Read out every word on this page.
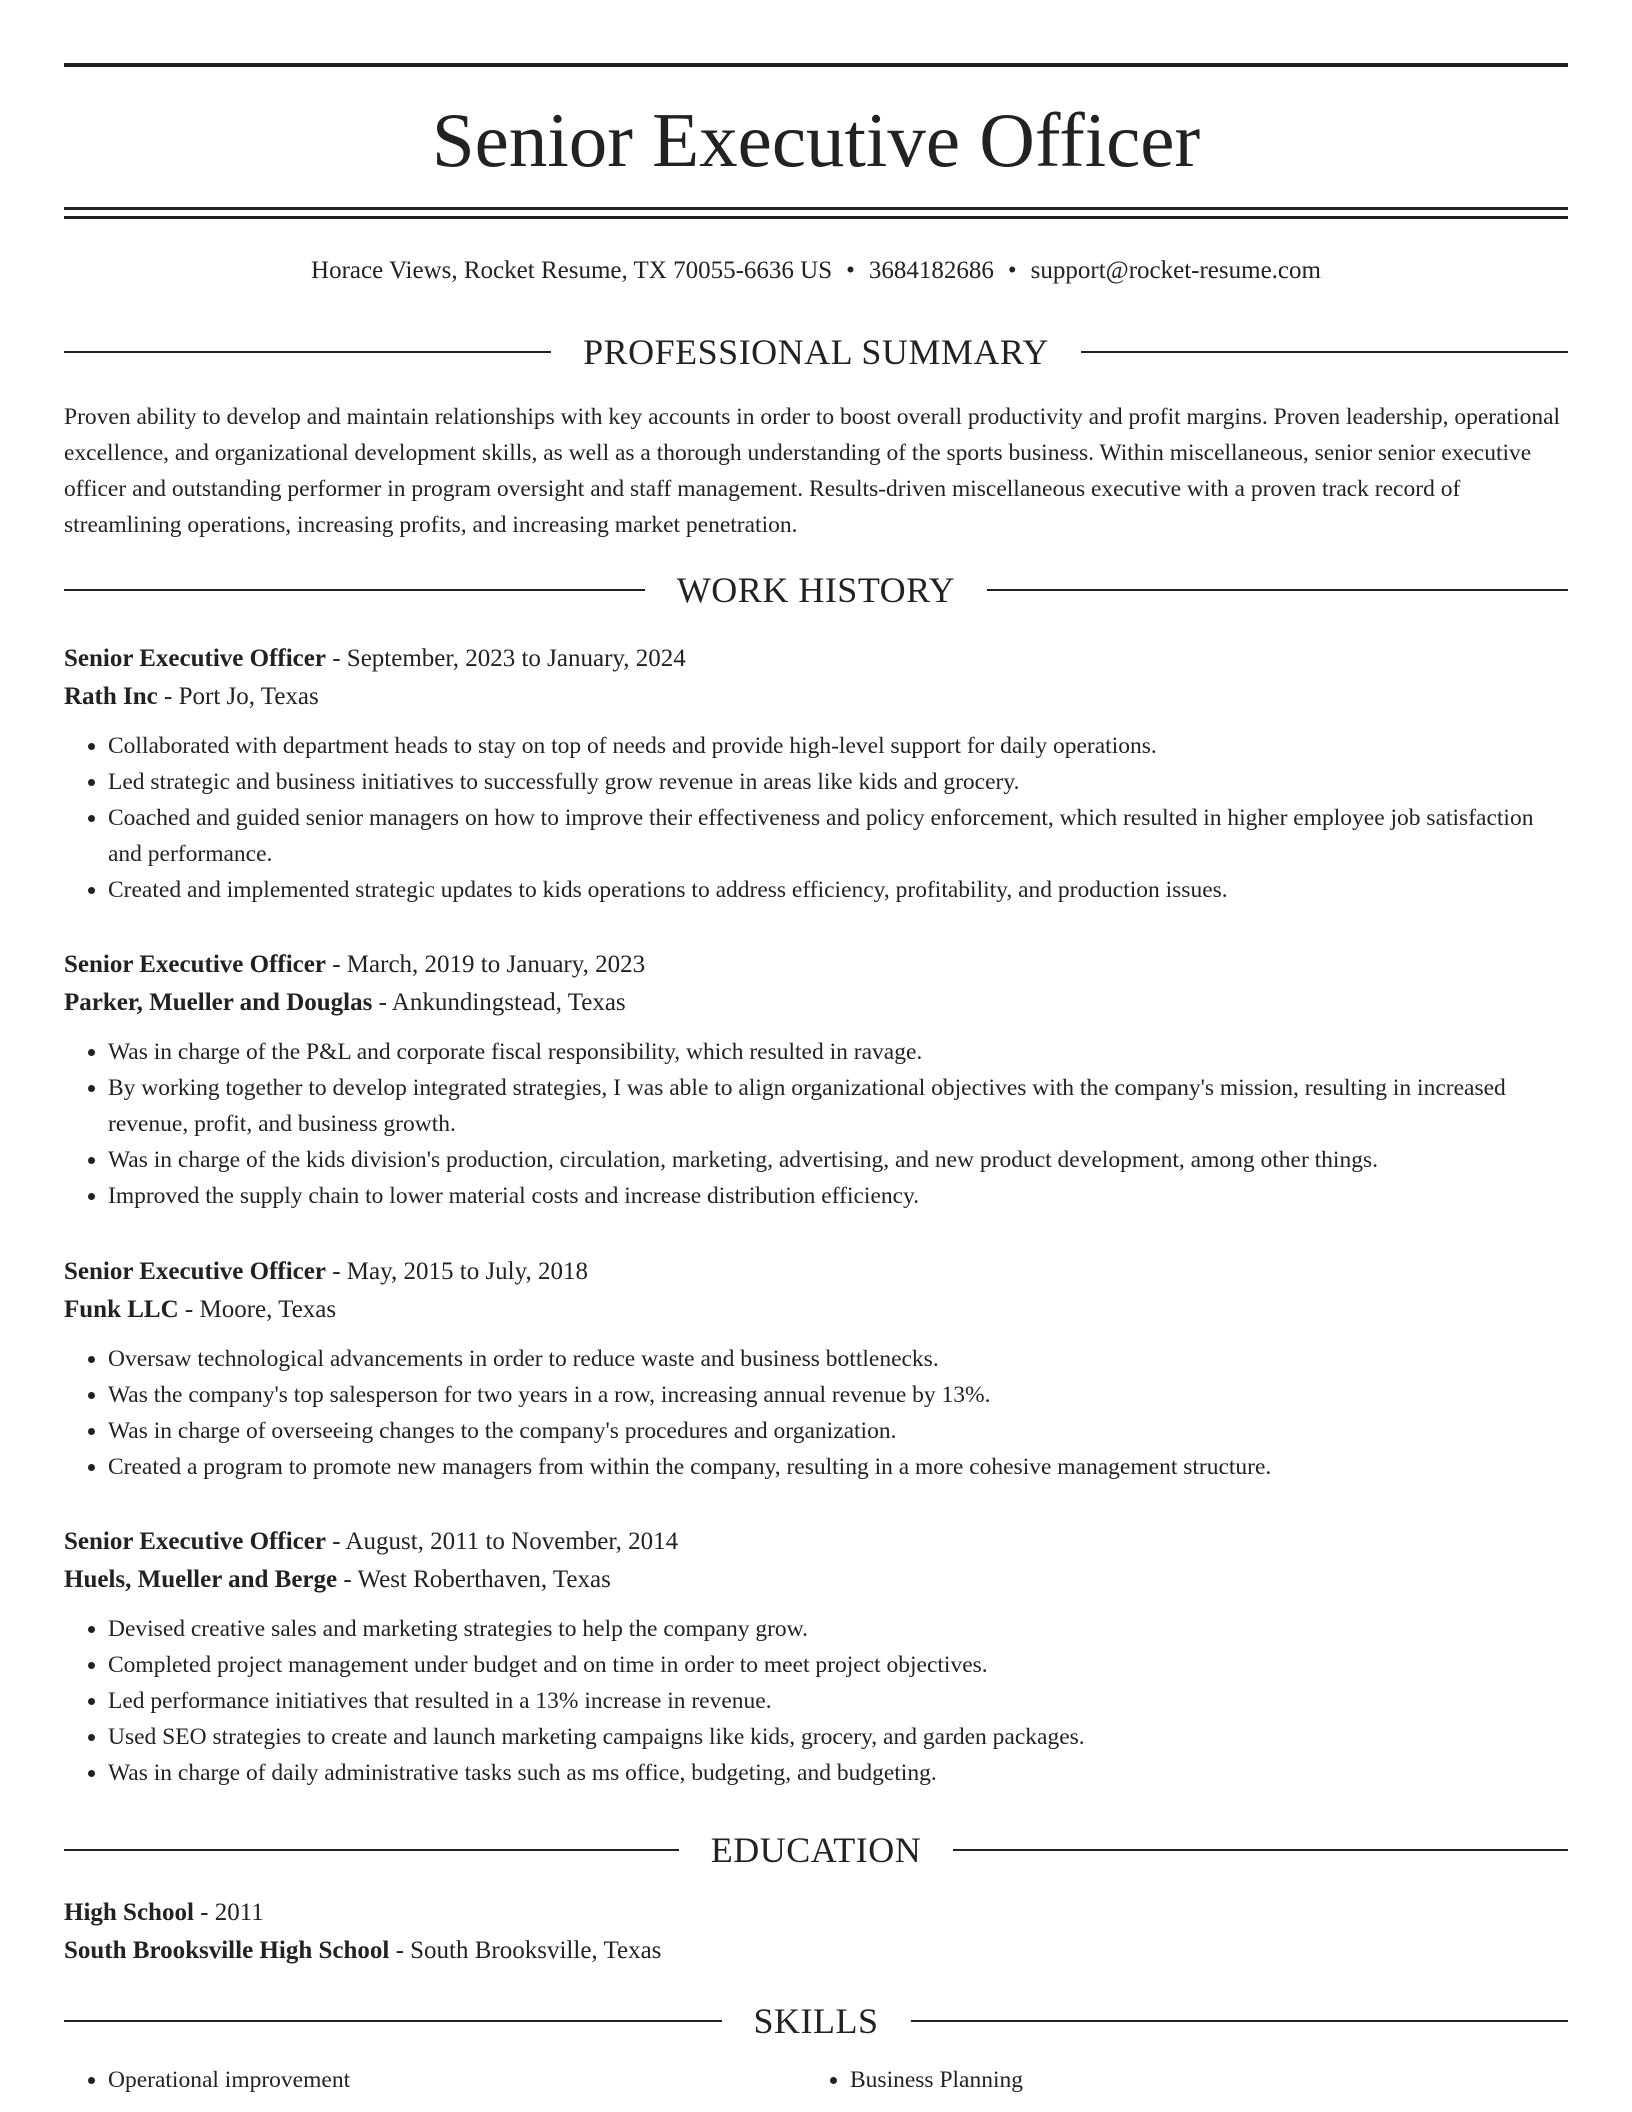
Senior Executive Officer
Horace Views, Rocket Resume, TX 70055-6636 US • 3684182686 • support@rocket-resume.com
PROFESSIONAL SUMMARY

Proven ability to develop and maintain relationships with key accounts in order to boost overall productivity and profit margins. Proven leadership, operational excellence, and organizational development skills, as well as a thorough understanding of the sports business. Within miscellaneous, senior senior executive officer and outstanding performer in program oversight and staff management. Results-driven miscellaneous executive with a proven track record of streamlining operations, increasing profits, and increasing market penetration.

WORK HISTORY
Senior Executive Officer - September, 2023 to January, 2024
Rath Inc - Port Jo, Texas
• Collaborated with department heads to stay on top of needs and provide high-level support for daily operations.
• Led strategic and business initiatives to successfully grow revenue in areas like kids and grocery.
• Coached and guided senior managers on how to improve their effectiveness and policy enforcement, which resulted in higher employee job satisfaction and performance.
• Created and implemented strategic updates to kids operations to address efficiency, profitability, and production issues.
Senior Executive Officer - March, 2019 to January, 2023
Parker, Mueller and Douglas - Ankundingstead, Texas
• Was in charge of the P&L and corporate fiscal responsibility, which resulted in ravage.
• By working together to develop integrated strategies, I was able to align organizational objectives with the company's mission, resulting in increased revenue, profit, and business growth.
• Was in charge of the kids division's production, circulation, marketing, advertising, and new product development, among other things.
• Improved the supply chain to lower material costs and increase distribution efficiency.
Senior Executive Officer - May, 2015 to July, 2018
Funk LLC - Moore, Texas
• Oversaw technological advancements in order to reduce waste and business bottlenecks.
• Was the company's top salesperson for two years in a row, increasing annual revenue by 13%.
• Was in charge of overseeing changes to the company's procedures and organization.
• Created a program to promote new managers from within the company, resulting in a more cohesive management structure.
Senior Executive Officer - August, 2011 to November, 2014
Huels, Mueller and Berge - West Roberthaven, Texas
• Devised creative sales and marketing strategies to help the company grow.
• Completed project management under budget and on time in order to meet project objectives.
• Led performance initiatives that resulted in a 13% increase in revenue.
• Used SEO strategies to create and launch marketing campaigns like kids, grocery, and garden packages.
• Was in charge of daily administrative tasks such as ms office, budgeting, and budgeting.
EDUCATION
High School - 2011
South Brooksville High School - South Brooksville, Texas
SKILLS
• Operational improvement
•	Business Planning
